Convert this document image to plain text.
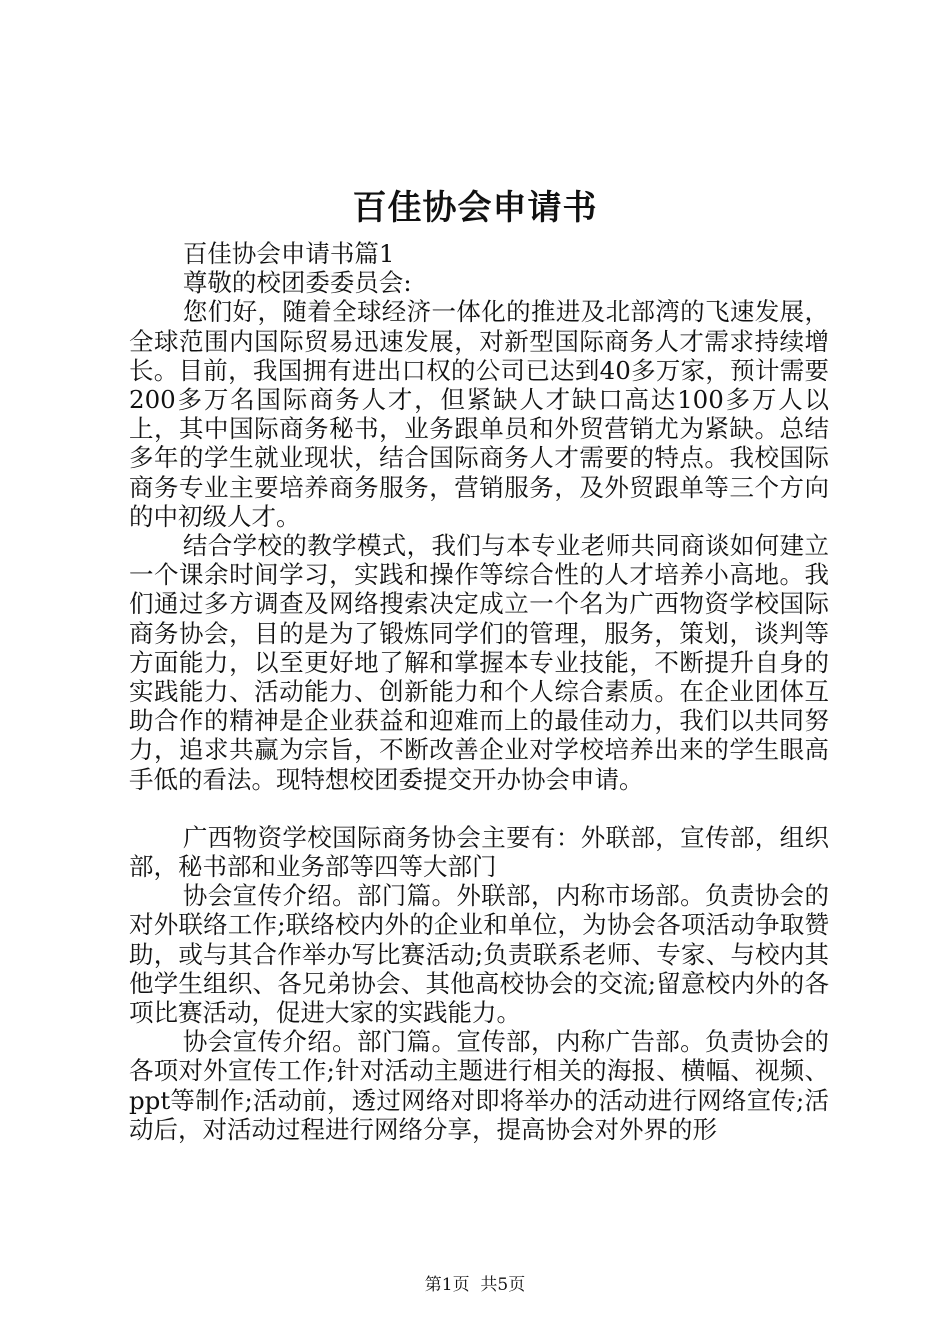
百佳协会申请书

百佳协会申请书篇1

尊敬的校团委委员会:

您们好，随着全球经济一体化的推进及北部湾的飞速发展，全球范围内国际贸易迅速发展，对新型国际商务人才需求持续增长。目前，我国拥有进出口权的公司已达到40多万家，预计需要200多万名国际商务人才，但紧缺人才缺口高达100多万人以上，其中国际商务秘书，业务跟单员和外贸营销尤为紧缺。总结多年的学生就业现状，结合国际商务人才需要的特点。我校国际商务专业主要培养商务服务，营销服务，及外贸跟单等三个方向的中初级人才。

结合学校的教学模式，我们与本专业老师共同商谈如何建立一个课余时间学习，实践和操作等综合性的人才培养小高地。我们通过多方调查及网络搜索决定成立一个名为广西物资学校国际商务协会，目的是为了锻炼同学们的管理，服务，策划，谈判等方面能力，以至更好地了解和掌握本专业技能，不断提升自身的实践能力、活动能力、创新能力和个人综合素质。在企业团体互助合作的精神是企业获益和迎难而上的最佳动力，我们以共同努力，追求共赢为宗旨，不断改善企业对学校培养出来的学生眼高手低的看法。现特想校团委提交开办协会申请。

广西物资学校国际商务协会主要有：外联部，宣传部，组织部，秘书部和业务部等四等大部门

协会宣传介绍。部门篇。外联部，内称市场部。负责协会的对外联络工作;联络校内外的企业和单位，为协会各项活动争取赞助，或与其合作举办写比赛活动;负责联系老师、专家、与校内其他学生组织、各兄弟协会、其他高校协会的交流;留意校内外的各项比赛活动，促进大家的实践能力。

协会宣传介绍。部门篇。宣传部，内称广告部。负责协会的各项对外宣传工作;针对活动主题进行相关的海报、横幅、视频、ppt等制作;活动前，透过网络对即将举办的活动进行网络宣传;活动后，对活动过程进行网络分享，提高协会对外界的形

第1页  共5页
